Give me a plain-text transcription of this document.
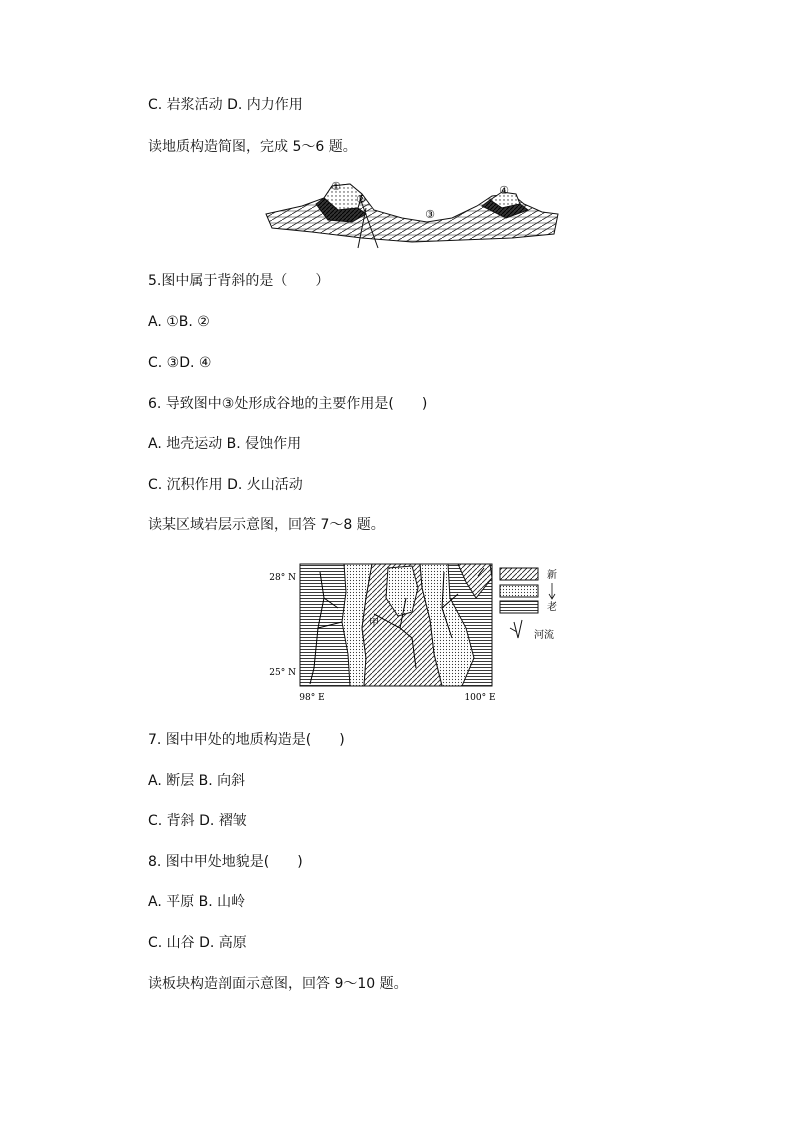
C. 岩浆活动 D. 内力作用
读地质构造简图，完成 5～6 题。
①
②
③
④
5.图中属于背斜的是（　　）
A. ①B. ②
C. ③D. ④
6. 导致图中③处形成谷地的主要作用是(　　)
A. 地壳运动 B. 侵蚀作用
C. 沉积作用 D. 火山活动
读某区域岩层示意图，回答 7～8 题。
28° N
25° N
98° E	100° E
甲
新
老
河流
7. 图中甲处的地质构造是(　　)
A. 断层 B. 向斜
C. 背斜 D. 褶皱
8. 图中甲处地貌是(　　)
A. 平原 B. 山岭
C. 山谷 D. 高原
读板块构造剖面示意图，回答 9～10 题。
